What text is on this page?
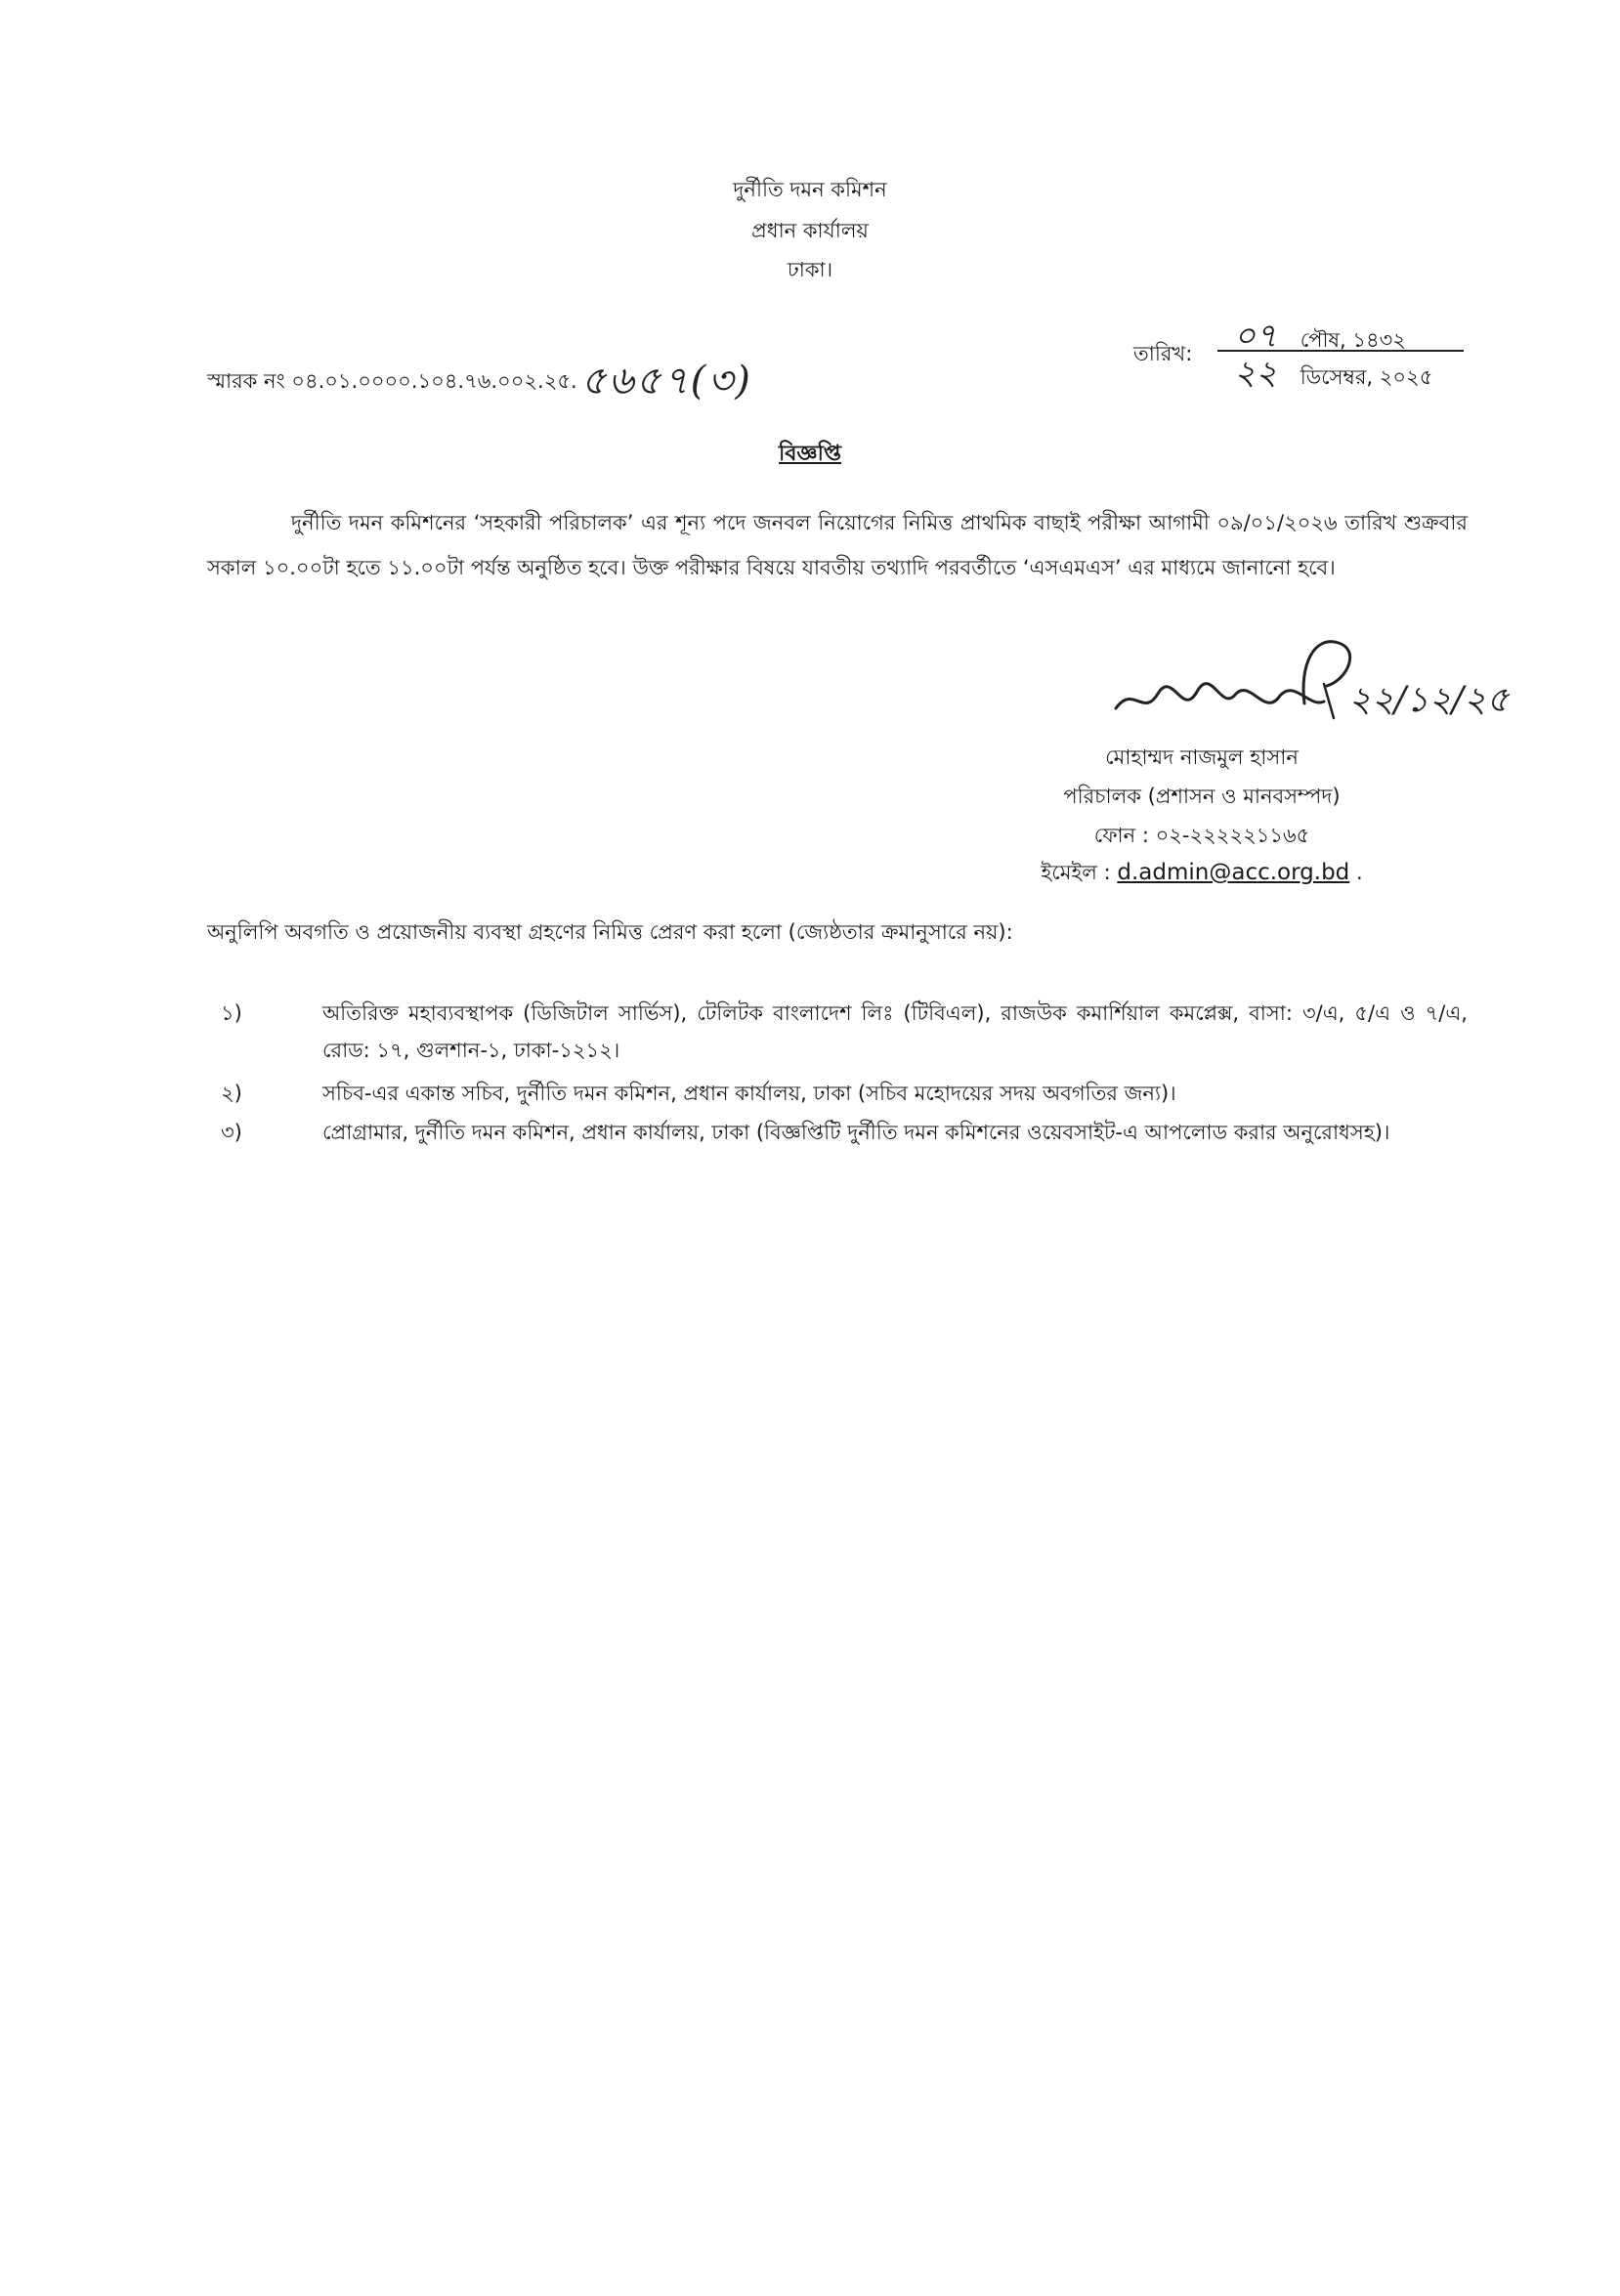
দুর্নীতি দমন কমিশন
প্রধান কার্যালয়
ঢাকা।
স্মারক নং ০৪.০১.০০০০.১০৪.৭৬.০০২.২৫. ৫৬৫৭(৩)
তারিখ:	০৭ পৌষ, ১৪৩২
২২ ডিসেম্বর, ২০২৫
বিজ্ঞপ্তি
দুর্নীতি দমন কমিশনের ‘সহকারী পরিচালক’ এর শূন্য পদে জনবল নিয়োগের নিমিত্ত প্রাথমিক বাছাই পরীক্ষা আগামী ০৯/০১/২০২৬ তারিখ শুক্রবার সকাল ১০.০০টা হতে ১১.০০টা পর্যন্ত অনুষ্ঠিত হবে। উক্ত পরীক্ষার বিষয়ে যাবতীয় তথ্যাদি পরবর্তীতে ‘এসএমএস’ এর মাধ্যমে জানানো হবে।
২২/১২/২৫
মোহাম্মদ নাজমুল হাসান
পরিচালক (প্রশাসন ও মানবসম্পদ)
ফোন : ০২-২২২২২১১৬৫
ইমেইল : d.admin@acc.org.bd .
অনুলিপি অবগতি ও প্রয়োজনীয় ব্যবস্থা গ্রহণের নিমিত্ত প্রেরণ করা হলো (জ্যেষ্ঠতার ক্রমানুসারে নয়):
১)	অতিরিক্ত মহাব্যবস্থাপক (ডিজিটাল সার্ভিস), টেলিটক বাংলাদেশ লিঃ (টিবিএল), রাজউক কমার্শিয়াল কমপ্লেক্স, বাসা: ৩/এ, ৫/এ ও ৭/এ, রোড: ১৭, গুলশান-১, ঢাকা-১২১২।
২)	সচিব-এর একান্ত সচিব, দুর্নীতি দমন কমিশন, প্রধান কার্যালয়, ঢাকা (সচিব মহোদয়ের সদয় অবগতির জন্য)।
৩)	প্রোগ্রামার, দুর্নীতি দমন কমিশন, প্রধান কার্যালয়, ঢাকা (বিজ্ঞপ্তিটি দুর্নীতি দমন কমিশনের ওয়েবসাইট-এ আপলোড করার অনুরোধসহ)।
